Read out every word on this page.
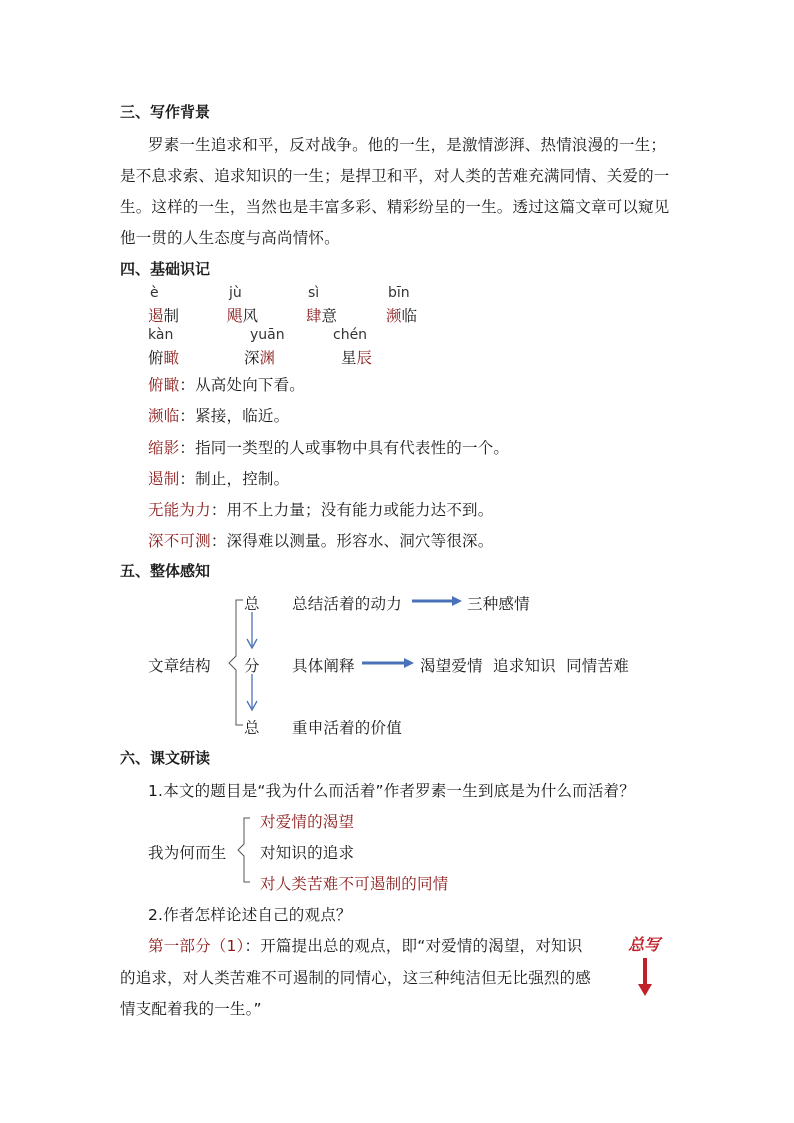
三、写作背景
罗素一生追求和平，反对战争。他的一生，是激情澎湃、热情浪漫的一生；
是不息求索、追求知识的一生；是捍卫和平，对人类的苦难充满同情、关爱的一
生。这样的一生，当然也是丰富多彩、精彩纷呈的一生。透过这篇文章可以窥见
他一贯的人生态度与高尚情怀。
四、基础识记
è	jù	sì	bīn
遏制	飓风	肆意	濒临
kàn	yuān	chén
俯瞰	深渊	星辰
俯瞰：从高处向下看。
濒临：紧接，临近。
缩影：指同一类型的人或事物中具有代表性的一个。
遏制：制止，控制。
无能为力：用不上力量；没有能力或能力达不到。
深不可测：深得难以测量。形容水、洞穴等很深。
五、整体感知
文章结构
总 总结活着的动力	三种感情
分 具体阐释	渴望爱情  追求知识  同情苦难
总 重申活着的价值
六、课文研读
1.本文的题目是“我为什么而活着”作者罗素一生到底是为什么而活着？
我为何而生
对爱情的渴望
对知识的追求
对人类苦难不可遏制的同情
2.作者怎样论述自己的观点？
第一部分（1）：开篇提出总的观点，即“对爱情的渴望，对知识
的追求，对人类苦难不可遏制的同情心，这三种纯洁但无比强烈的感
情支配着我的一生。”
总写
